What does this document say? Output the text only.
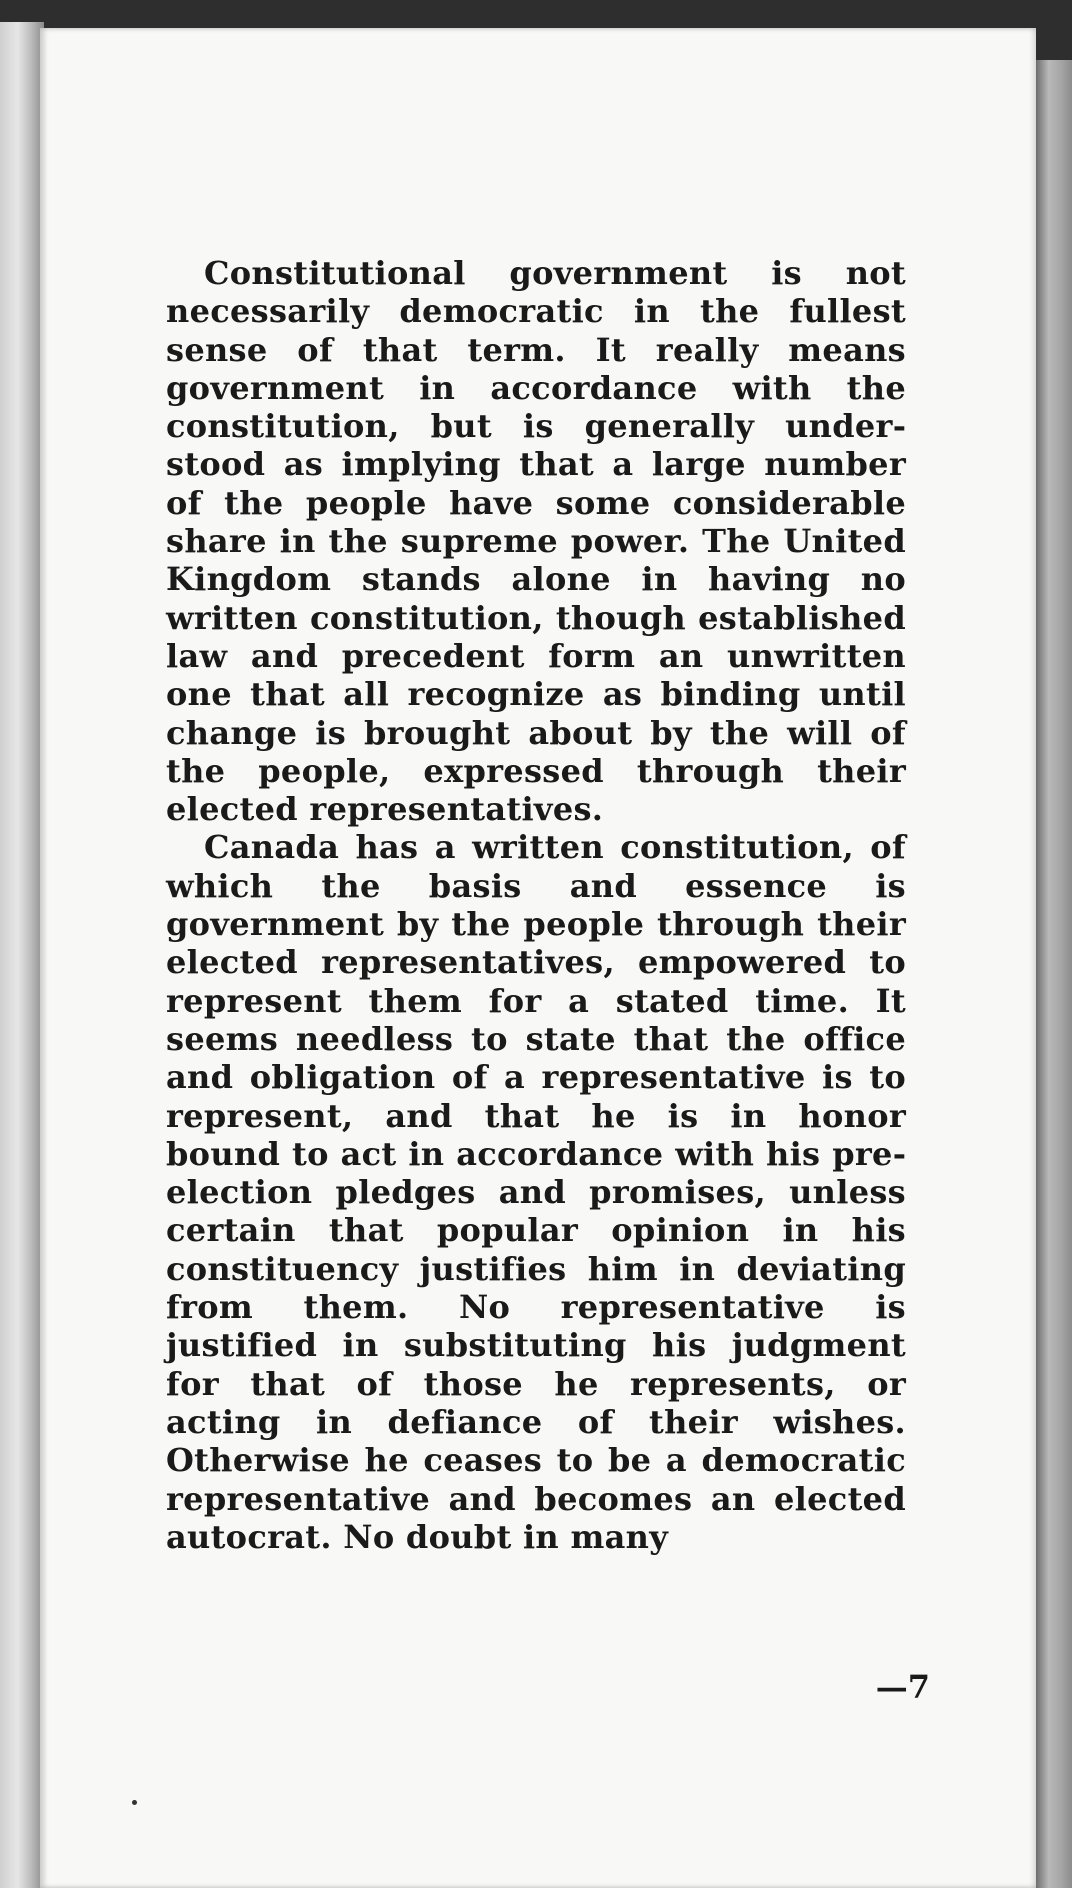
Constitutional government is not necessarily democratic in the fullest sense of that term. It really means government in accordance with the constitution, but is generally understood as implying that a large number of the people have some considerable share in the supreme power. The United Kingdom stands alone in having no written constitution, though established law and precedent form an unwritten one that all recognize as binding until change is brought about by the will of the people, expressed through their elected representatives.

Canada has a written constitution, of which the basis and essence is government by the people through their elected representatives, empowered to represent them for a stated time. It seems needless to state that the office and obligation of a representative is to represent, and that he is in honor bound to act in accordance with his preelection pledges and promises, unless certain that popular opinion in his constituency justifies him in deviating from them. No representative is justified in substituting his judgment for that of those he represents, or acting in defiance of their wishes. Otherwise he ceases to be a democratic representative and becomes an elected autocrat. No doubt in many

—7
